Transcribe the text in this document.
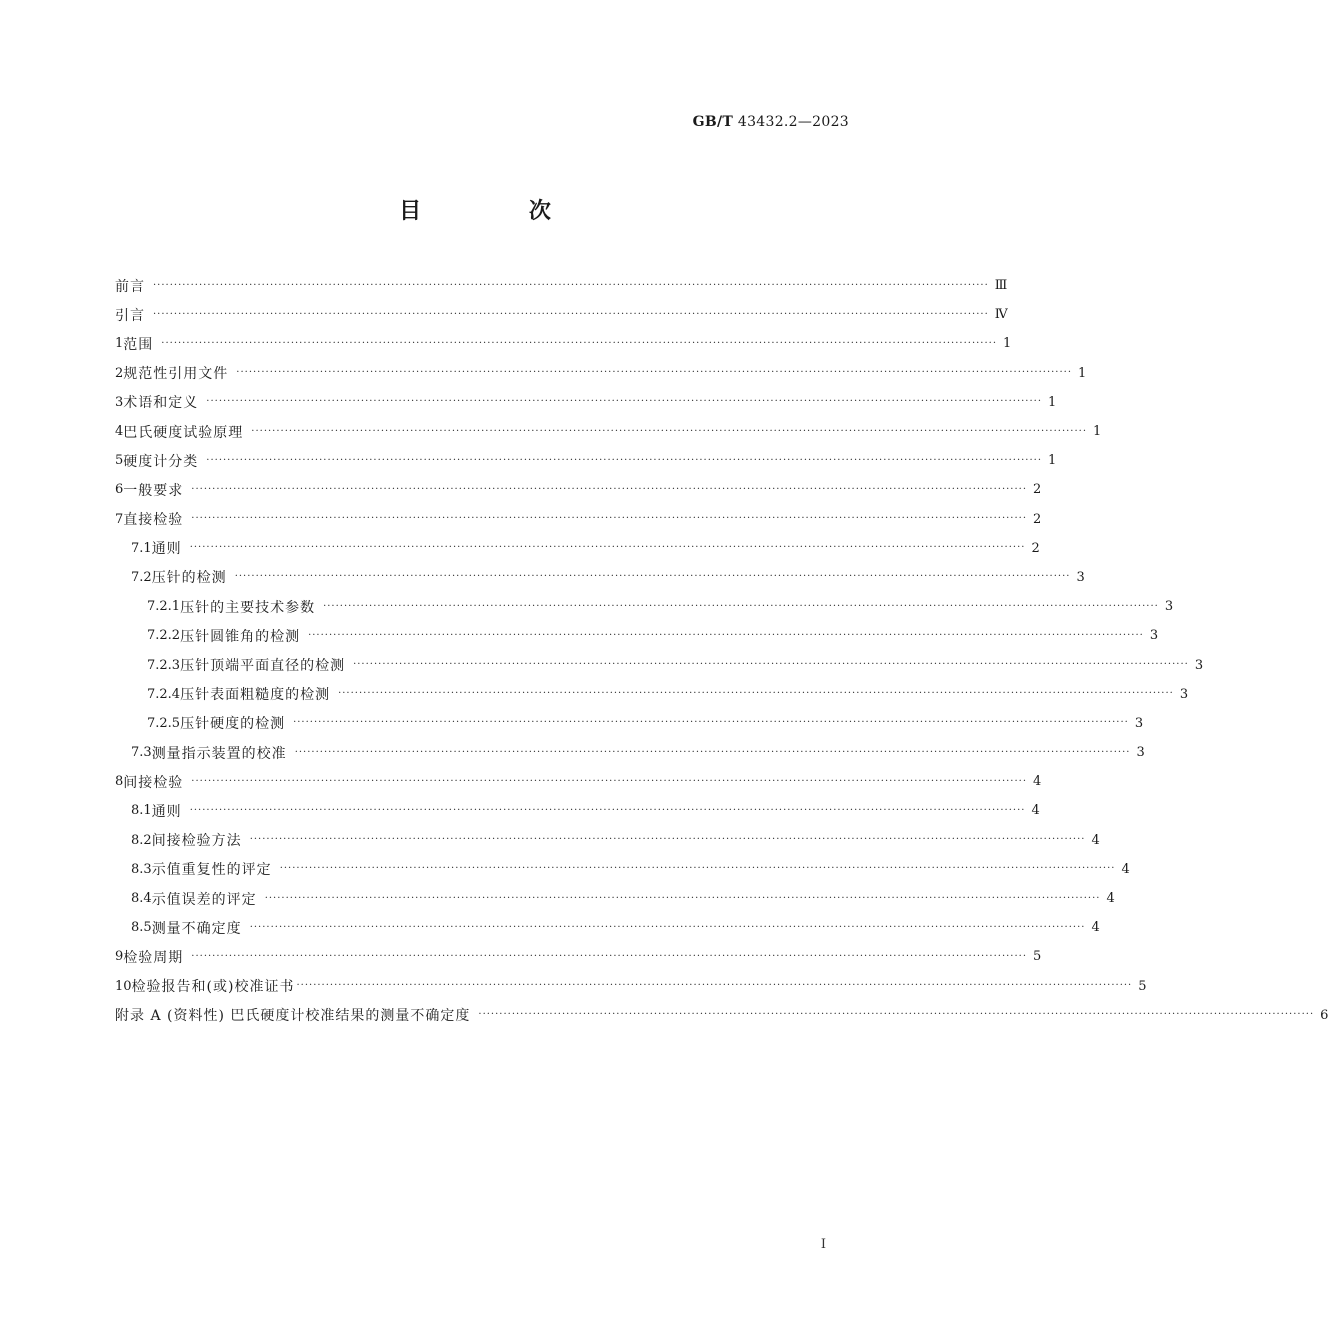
GB/T 43432.2—2023
目 次
前言 ········································································································································································································ Ⅲ
引言 ········································································································································································································ Ⅳ
1 范围 ········································································································································································································ 1
2 规范性引用文件 ········································································································································································································ 1
3 术语和定义 ········································································································································································································ 1
4 巴氏硬度试验原理 ········································································································································································································ 1
5 硬度计分类 ········································································································································································································ 1
6 一般要求 ········································································································································································································ 2
7 直接检验 ········································································································································································································ 2
7.1 通则 ········································································································································································································ 2
7.2 压针的检测 ········································································································································································································ 3
7.2.1 压针的主要技术参数 ········································································································································································································ 3
7.2.2 压针圆锥角的检测 ········································································································································································································ 3
7.2.3 压针顶端平面直径的检测 ········································································································································································································ 3
7.2.4 压针表面粗糙度的检测 ········································································································································································································ 3
7.2.5 压针硬度的检测 ········································································································································································································ 3
7.3 测量指示装置的校准 ········································································································································································································ 3
8 间接检验 ········································································································································································································ 4
8.1 通则 ········································································································································································································ 4
8.2 间接检验方法 ········································································································································································································ 4
8.3 示值重复性的评定 ········································································································································································································ 4
8.4 示值误差的评定 ········································································································································································································ 4
8.5 测量不确定度 ········································································································································································································ 4
9 检验周期 ········································································································································································································ 5
10 检验报告和(或)校准证书 ········································································································································································································ 5
附录 A (资料性) 巴氏硬度计校准结果的测量不确定度 ········································································································································································································ 6
I
